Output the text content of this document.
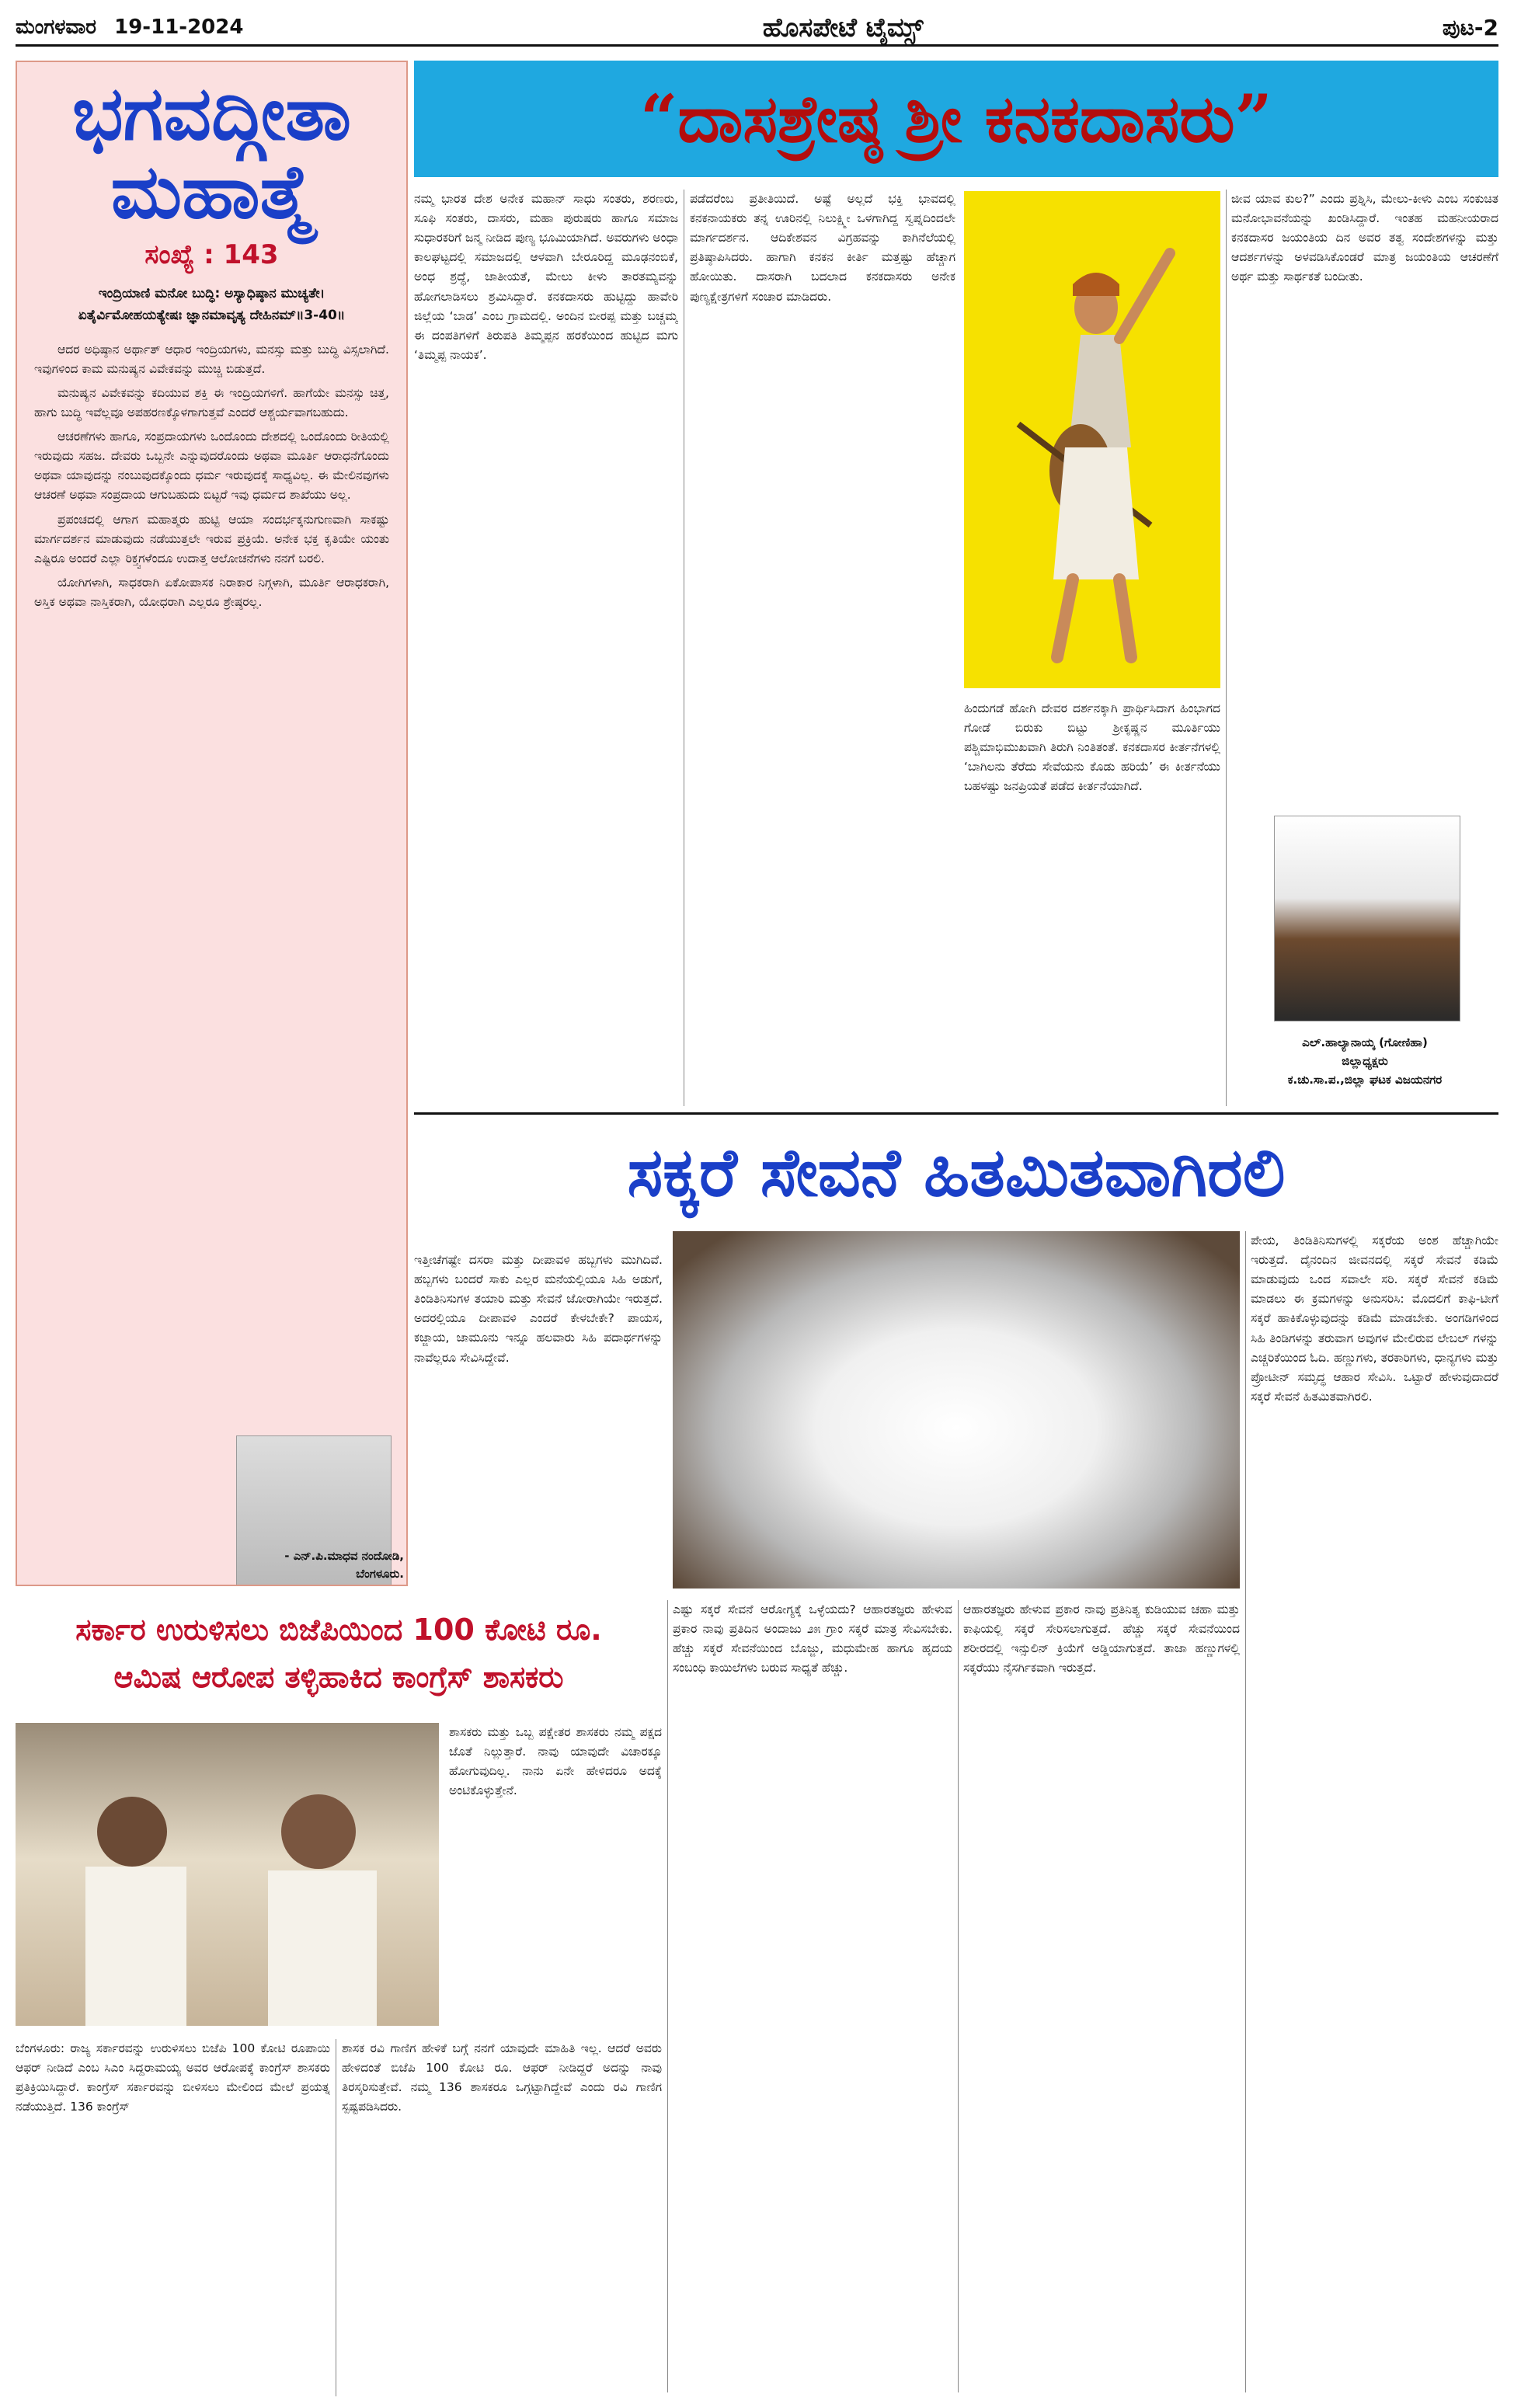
ಮಂಗಳವಾರ 19-11-2024	ಹೊಸಪೇಟೆ ಟೈಮ್ಸ್	ಪುಟ-2
ಭಗವದ್ಗೀತಾ ಮಹಾತ್ಮೆ
ಸಂಖ್ಯೆ : 143
ಇಂದ್ರಿಯಾಣಿ ಮನೋ ಬುದ್ಧಿ: ಅಸ್ಯಾಧಿಷ್ಠಾನ ಮುಚ್ಯತೇ। ಏತೈರ್ವಿಮೋಹಯತ್ಯೇಷಃ ಜ್ಞಾನಮಾವೃತ್ಯ ದೇಹಿನಮ್॥3-40॥

ಆದರ ಅಧಿಷ್ಠಾನ ಅರ್ಥಾತ್ ಆಧಾರ ಇಂದ್ರಿಯಗಳು, ಮನಸ್ಸು ಮತ್ತು ಬುದ್ಧಿ ವಿಸ್ಸಲಾಗಿದೆ. ಇವುಗಳಿಂದ ಕಾಮ ಮನುಷ್ಯನ ವಿವೇಕವನ್ನು ಮುಚ್ಚಿ ಬಿಡುತ್ತದೆ.

ಮನುಷ್ಯನ ವಿವೇಕವನ್ನು ಕದಿಯುವ ಶಕ್ತಿ ಈ ಇಂದ್ರಿಯಗಳಿಗೆ. ಹಾಗೆಯೇ ಮನಸ್ಸು ಚಿತ್ತ, ಹಾಗು ಬುದ್ಧಿ ಇವೆಲ್ಲವೂ ಅಪಹರಣಕ್ಕೊಳಗಾಗುತ್ತವೆ ಎಂದರೆ ಆಶ್ಚರ್ಯವಾಗಬಹುದು.

ಆಚರಣೆಗಳು ಹಾಗೂ, ಸಂಪ್ರದಾಯಗಳು ಒಂದೊಂದು ದೇಶದಲ್ಲಿ ಒಂದೊಂದು ರೀತಿಯಲ್ಲಿ ಇರುವುದು ಸಹಜ. ದೇವರು ಒಬ್ಬನೇ ಎನ್ನುವುದರೊಂದು ಅಥವಾ ಮೂರ್ತಿ ಆರಾಧನೆಗೊಂದು ಅಥವಾ ಯಾವುದನ್ನು ನಂಬುವುದಕ್ಕೊಂದು ಧರ್ಮ ಇರುವುದಕ್ಕೆ ಸಾಧ್ಯವಿಲ್ಲ. ಈ ಮೇಲಿನವುಗಳು ಆಚರಣೆ ಅಥವಾ ಸಂಪ್ರದಾಯ ಆಗುಬಹುದು ಬಿಟ್ಟರೆ ಇವು ಧರ್ಮದ ಶಾಖೆಯು ಅಲ್ಲ.

ಪ್ರಪಂಚದಲ್ಲಿ ಆಗಾಗ ಮಹಾತ್ಮರು ಹುಟ್ಟಿ ಆಯಾ ಸಂದರ್ಭಕ್ಕನುಗುಣವಾಗಿ ಸಾಕಷ್ಟು ಮಾರ್ಗದರ್ಶನ ಮಾಡುವುದು ನಡೆಯುತ್ತಲೇ ಇರುವ ಪ್ರಕ್ರಿಯೆ. ಅನೇಕ ಭಕ್ತ ಕೃತಿಯೇ ಯಂತು ಎಷ್ಟಿರೂ ಅಂದರೆ ಎಲ್ಲಾ ರಿಕ್ತ್ವಗಳೆಂದೂ ಉದಾತ್ತ ಆಲೋಚನೆಗಳು ನನಗೆ ಬರಲಿ.

ಯೋಗಿಗಳಾಗಿ, ಸಾಧಕರಾಗಿ ಏಕೋಪಾಸಕ ನಿರಾಕಾರ ನಿಗ್ಗಳಾಗಿ, ಮೂರ್ತಿ ಆರಾಧಕರಾಗಿ, ಅಸ್ತಿಕ ಅಥವಾ ನಾಸ್ತಿಕರಾಗಿ, ಯೋಧರಾಗಿ ಎಲ್ಲರೂ ಶ್ರೇಷ್ಠರಲ್ಲ.

- ಎನ್.ಪಿ.ಮಾಧವ ನಂದೋಡಿ,
ಬೆಂಗಳೂರು.
“ದಾಸಶ್ರೇಷ್ಠ ಶ್ರೀ ಕನಕದಾಸರು”
ನಮ್ಮ ಭಾರತ ದೇಶ ಅನೇಕ ಮಹಾನ್ ಸಾಧು ಸಂತರು, ಶರಣರು, ಸೂಫಿ ಸಂತರು, ದಾಸರು, ಮಹಾ ಪುರುಷರು ಹಾಗೂ ಸಮಾಜ ಸುಧಾರಕರಿಗೆ ಜನ್ಮ ನೀಡಿದ ಪುಣ್ಯ ಭೂಮಿಯಾಗಿದೆ. ಅವರುಗಳು ಅಂಧಾ ಕಾಲಘಟ್ಟದಲ್ಲಿ ಸಮಾಜದಲ್ಲಿ ಆಳವಾಗಿ ಬೇರೂರಿದ್ದ ಮೂಢನಂಬಿಕೆ, ಅಂಧ ಶ್ರದ್ಧೆ, ಜಾತೀಯತೆ, ಮೇಲು ಕೀಳು ತಾರತಮ್ಯವನ್ನು ಹೋಗಲಾಡಿಸಲು ಶ್ರಮಿಸಿದ್ದಾರೆ. ಕನಕದಾಸರು ಹುಟ್ಟಿದ್ದು ಹಾವೇರಿ ಜಿಲ್ಲೆಯ ‘ಬಾಡ’ ಎಂಬ ಗ್ರಾಮದಲ್ಲಿ. ಅಂದಿನ ಬೀರಪ್ಪ ಮತ್ತು ಬಚ್ಚಮ್ಮ ಈ ದಂಪತಿಗಳಿಗೆ ತಿರುಪತಿ ತಿಮ್ಮಪ್ಪನ ಹರಕೆಯಿಂದ ಹುಟ್ಟಿದ ಮಗು ‘ತಿಮ್ಮಪ್ಪ ನಾಯಕ’.
ಪಡೆದರೆಂಬ ಪ್ರತೀತಿಯಿದೆ. ಅಷ್ಟೆ ಅಲ್ಲದೆ ಭಕ್ತಿ ಭಾವದಲ್ಲಿ ಕನಕನಾಯಕರು ತನ್ನ ಊರಿನಲ್ಲಿ ನಿಲುಕ್ಷ್ಮೀ ಒಳಗಾಗಿದ್ದ ಸ್ವಪ್ನದಿಂದಲೇ ಮಾರ್ಗದರ್ಶನ. ಆದಿಕೇಶವನ ವಿಗ್ರಹವನ್ನು ಕಾಗಿನೆಲೆಯಲ್ಲಿ ಪ್ರತಿಷ್ಠಾಪಿಸಿದರು. ಹಾಗಾಗಿ ಕನಕನ ಕೀರ್ತಿ ಮತ್ತಷ್ಟು ಹೆಚ್ಚಾಗ ಹೋಯಿತು. ದಾಸರಾಗಿ ಬದಲಾದ ಕನಕದಾಸರು ಅನೇಕ ಪುಣ್ಯಕ್ಷೇತ್ರಗಳಿಗೆ ಸಂಚಾರ ಮಾಡಿದರು.
ಹಿಂದುಗಡೆ ಹೋಗಿ ದೇವರ ದರ್ಶನಕ್ಕಾಗಿ ಪ್ರಾರ್ಥಿಸಿದಾಗ ಹಿಂಭಾಗದ ಗೋಡೆ ಬಿರುಕು ಬಿಟ್ಟು ಶ್ರೀಕೃಷ್ಣನ ಮೂರ್ತಿಯು ಪಶ್ಚಿಮಾಭಿಮುಖವಾಗಿ ತಿರುಗಿ ನಿಂತಿತಂತೆ. ಕನಕದಾಸರ ಕೀರ್ತನೆಗಳಲ್ಲಿ ‘ಬಾಗಿಲನು ತೆರೆದು ಸೇವೆಯನು ಕೊಡು ಹರಿಯೆ’ ಈ ಕೀರ್ತನೆಯು ಬಹಳಷ್ಟು ಜನಪ್ರಿಯತೆ ಪಡೆದ ಕೀರ್ತನೆಯಾಗಿದೆ.
ಜೀವ ಯಾವ ಕುಲ?” ಎಂದು ಪ್ರಶ್ನಿಸಿ, ಮೇಲು-ಕೀಳು ಎಂಬ ಸಂಕುಚಿತ ಮನೋಭಾವನೆಯನ್ನು ಖಂಡಿಸಿದ್ದಾರೆ. ಇಂತಹ ಮಹನೀಯರಾದ ಕನಕದಾಸರ ಜಯಂತಿಯ ದಿನ ಅವರ ತತ್ವ ಸಂದೇಶಗಳನ್ನು ಮತ್ತು ಆದರ್ಶಗಳನ್ನು ಅಳವಡಿಸಿಕೊಂಡರೆ ಮಾತ್ರ ಜಯಂತಿಯ ಆಚರಣೆಗೆ ಅರ್ಥ ಮತ್ತು ಸಾರ್ಥಕತೆ ಬಂದೀತು.
ಎಲ್.ಹಾಲ್ಯಾನಾಯ್ಕ (ಗೋಣಿಹಾ)
ಜಿಲ್ಲಾಧ್ಯಕ್ಷರು
ಕ.ಚು.ಸಾ.ಪ.,ಜಿಲ್ಲಾ ಘಟಕ ವಿಜಯನಗರ
ಸಕ್ಕರೆ ಸೇವನೆ ಹಿತಮಿತವಾಗಿರಲಿ
ಇತ್ತೀಚೆಗಷ್ಟೇ ದಸರಾ ಮತ್ತು ದೀಪಾವಳಿ ಹಬ್ಬಗಳು ಮುಗಿದಿವೆ. ಹಬ್ಬಗಳು ಬಂದರೆ ಸಾಕು ಎಲ್ಲರ ಮನೆಯಲ್ಲಿಯೂ ಸಿಹಿ ಅಡುಗೆ, ತಿಂಡಿತಿನಿಸುಗಳ ತಯಾರಿ ಮತ್ತು ಸೇವನೆ ಜೋರಾಗಿಯೇ ಇರುತ್ತದೆ. ಅದರಲ್ಲಿಯೂ ದೀಪಾವಳಿ ಎಂದರೆ ಕೇಳಬೇಕೇ? ಪಾಯಸ, ಕಜ್ಜಾಯ, ಜಾಮೂನು ಇನ್ನೂ ಹಲವಾರು ಸಿಹಿ ಪದಾರ್ಥಗಳನ್ನು ನಾವೆಲ್ಲರೂ ಸೇವಿಸಿದ್ದೇವೆ.
ಪೇಯ, ತಿಂಡಿತಿನಿಸುಗಳಲ್ಲಿ ಸಕ್ಕರೆಯ ಅಂಶ ಹೆಚ್ಚಾಗಿಯೇ ಇರುತ್ತದೆ. ದೈನಂದಿನ ಜೀವನದಲ್ಲಿ ಸಕ್ಕರೆ ಸೇವನೆ ಕಡಿಮೆ ಮಾಡುವುದು ಒಂದ ಸವಾಲೇ ಸರಿ. ಸಕ್ಕರೆ ಸೇವನೆ ಕಡಿಮೆ ಮಾಡಲು ಈ ಕ್ರಮಗಳನ್ನು ಅನುಸರಿಸಿ: ಮೊದಲಿಗೆ ಕಾಫಿ-ಟೀಗೆ ಸಕ್ಕರೆ ಹಾಕಿಕೊಳ್ಳುವುದನ್ನು ಕಡಿಮೆ ಮಾಡಬೇಕು. ಅಂಗಡಿಗಳಿಂದ ಸಿಹಿ ತಿಂಡಿಗಳನ್ನು ತರುವಾಗ ಅವುಗಳ ಮೇಲಿರುವ ಲೇಬಲ್ ಗಳನ್ನು ಎಚ್ಚರಿಕೆಯಿಂದ ಓದಿ. ಹಣ್ಣುಗಳು, ತರಕಾರಿಗಳು, ಧಾನ್ಯಗಳು ಮತ್ತು ಪ್ರೋಟೀನ್ ಸಮೃದ್ಧ ಆಹಾರ ಸೇವಿಸಿ. ಒಟ್ಟಾರೆ ಹೇಳುವುದಾದರೆ ಸಕ್ಕರೆ ಸೇವನೆ ಹಿತಮಿತವಾಗಿರಲಿ.
ಎಷ್ಟು ಸಕ್ಕರೆ ಸೇವನೆ ಆರೋಗ್ಯಕ್ಕೆ ಒಳ್ಳೆಯದು? ಆಹಾರತಜ್ಞರು ಹೇಳುವ ಪ್ರಕಾರ ನಾವು ಪ್ರತಿದಿನ ಅಂದಾಜು ೨೫ ಗ್ರಾಂ ಸಕ್ಕರೆ ಮಾತ್ರ ಸೇವಿಸಬೇಕು. ಹೆಚ್ಚು ಸಕ್ಕರೆ ಸೇವನೆಯಿಂದ ಬೊಜ್ಜು, ಮಧುಮೇಹ ಹಾಗೂ ಹೃದಯ ಸಂಬಂಧಿ ಕಾಯಿಲೆಗಳು ಬರುವ ಸಾಧ್ಯತೆ ಹೆಚ್ಚು.
ಆಹಾರತಜ್ಞರು ಹೇಳುವ ಪ್ರಕಾರ ನಾವು ಪ್ರತಿನಿತ್ಯ ಕುಡಿಯುವ ಚಹಾ ಮತ್ತು ಕಾಫಿಯಲ್ಲಿ ಸಕ್ಕರೆ ಸೇರಿಸಲಾಗುತ್ತದೆ. ಹೆಚ್ಚು ಸಕ್ಕರೆ ಸೇವನೆಯಿಂದ ಶರೀರದಲ್ಲಿ ಇನ್ಸುಲಿನ್ ಕ್ರಿಯೆಗೆ ಅಡ್ಡಿಯಾಗುತ್ತದೆ. ತಾಜಾ ಹಣ್ಣುಗಳಲ್ಲಿ ಸಕ್ಕರೆಯು ನೈಸರ್ಗಿಕವಾಗಿ ಇರುತ್ತದೆ.
ಸರ್ಕಾರ ಉರುಳಿಸಲು ಬಿಜೆಪಿಯಿಂದ 100 ಕೋಟಿ ರೂ.
ಆಮಿಷ ಆರೋಪ ತಳ್ಳಿಹಾಕಿದ ಕಾಂಗ್ರೆಸ್ ಶಾಸಕರು
ಶಾಸಕರು ಮತ್ತು ಒಬ್ಬ ಪಕ್ಷೇತರ ಶಾಸಕರು ನಮ್ಮ ಪಕ್ಷದ ಜೊತೆ ನಿಲ್ಲುತ್ತಾರೆ. ನಾವು ಯಾವುದೇ ವಿಚಾರಕ್ಕೂ ಹೋಗುವುದಿಲ್ಲ. ನಾನು ಏನೇ ಹೇಳಿದರೂ ಅದಕ್ಕೆ ಅಂಟಿಕೊಳ್ಳುತ್ತೇನೆ.
ಬೆಂಗಳೂರು: ರಾಜ್ಯ ಸರ್ಕಾರವನ್ನು ಉರುಳಿಸಲು ಬಿಜೆಪಿ 100 ಕೋಟಿ ರೂಪಾಯಿ ಆಫರ್ ನೀಡಿದೆ ಎಂಬ ಸಿಎಂ ಸಿದ್ದರಾಮಯ್ಯ ಅವರ ಆರೋಪಕ್ಕೆ ಕಾಂಗ್ರೆಸ್ ಶಾಸಕರು ಪ್ರತಿಕ್ರಿಯಿಸಿದ್ದಾರೆ. ಕಾಂಗ್ರೆಸ್ ಸರ್ಕಾರವನ್ನು ಬೀಳಿಸಲು ಮೇಲಿಂದ ಮೇಲೆ ಪ್ರಯತ್ನ ನಡೆಯುತ್ತಿದೆ. 136 ಕಾಂಗ್ರೆಸ್
ಶಾಸಕ ರವಿ ಗಾಣಿಗ ಹೇಳಿಕೆ ಬಗ್ಗೆ ನನಗೆ ಯಾವುದೇ ಮಾಹಿತಿ ಇಲ್ಲ. ಆದರೆ ಅವರು ಹೇಳಿದಂತೆ ಬಿಜೆಪಿ 100 ಕೋಟಿ ರೂ. ಆಫರ್ ನೀಡಿದ್ದರೆ ಅದನ್ನು ನಾವು ತಿರಸ್ಕರಿಸುತ್ತೇವೆ. ನಮ್ಮ 136 ಶಾಸಕರೂ ಒಗ್ಗಟ್ಟಾಗಿದ್ದೇವೆ ಎಂದು ರವಿ ಗಾಣಿಗ ಸ್ಪಷ್ಟಪಡಿಸಿದರು.
